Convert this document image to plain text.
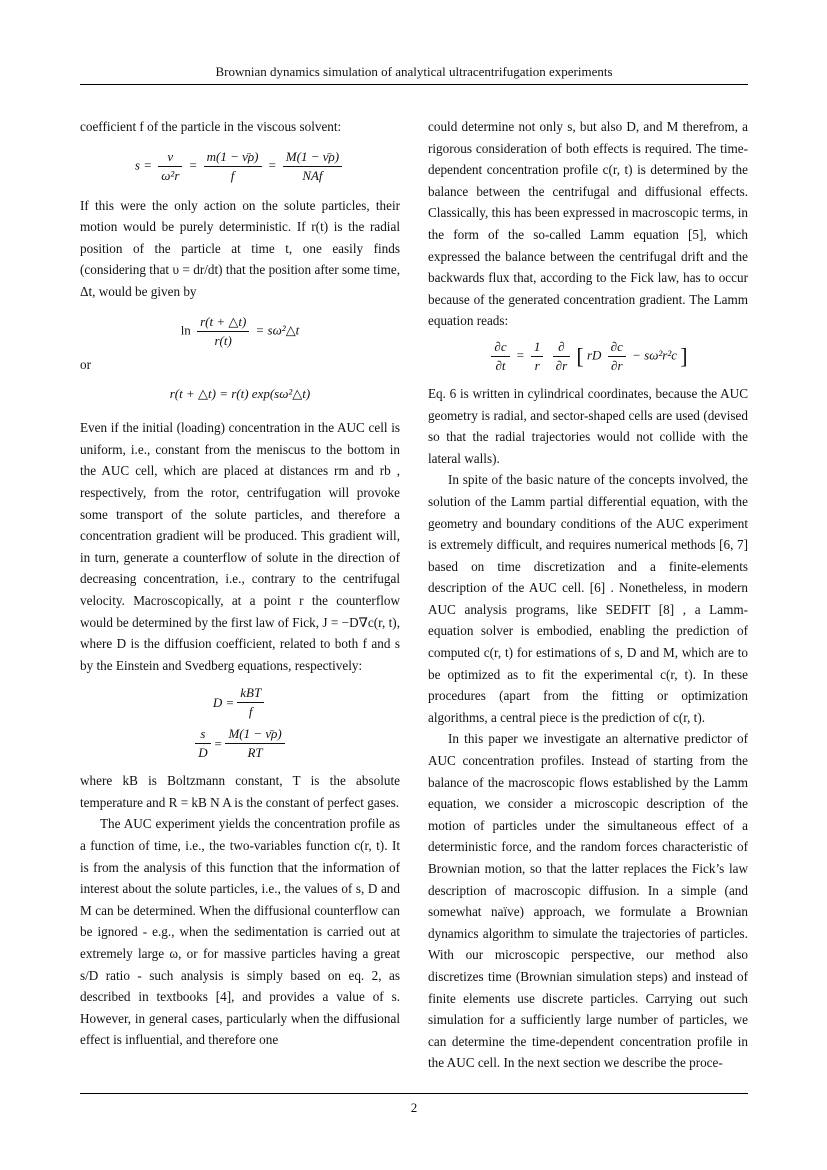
Brownian dynamics simulation of analytical ultracentrifugation experiments

coefficient f of the particle in the viscous solvent:

$s = \frac{\nu}{\text{ω²r}} = \frac{m(1 - \nū\rho)}{f} = \frac{M(1 - \nū\rho)}{\text{NAf}}$

If this were the only action on the solute particles, their motion would be purely deterministic. If r(t) is the radial position of the particle at time t, one easily finds (considering that υ = dr/dt) that the position after some time, Δt, would be given by

$\ln \frac{r(t + \triangle t)}{r(t)}$ = sω²△t

or

r(t + △t) = r(t) exp(sω²△t)

Even if the initial (loading) concentration in the AUC cell is uniform, i.e., constant from the meniscus to the bottom in the AUC cell, which are placed at distances rm and rb , respectively, from the rotor, centrifugation will provoke some transport of the solute particles, and therefore a concentration gradient will be produced. This gradient will, in turn, generate a counterflow of solute in the direction of decreasing concentration, i.e., contrary to the centrifugal velocity. Macroscopically, at a point r the counterflow would be determined by the first law of Fick, J = −D∇c(r, t), where D is the diffusion coefficient, related to both f and s by the Einstein and Svedberg equations, respectively:

$D = \frac{\text{kBT}}{f}$
$\frac{s}{D} = \frac{M(1 - \nū\rho)}{RT}$

where kB is Boltzmann constant, T is the absolute temperature and R = kB N A is the constant of perfect gases.

The AUC experiment yields the concentration profile as a function of time, i.e., the two-variables function c(r, t). It is from the analysis of this function that the information of interest about the solute particles, i.e., the values of s, D and M can be determined. When the diffusional counterflow can be ignored - e.g., when the sedimentation is carried out at extremely large ω, or for massive particles having a great s/D ratio - such analysis is simply based on eq. 2, as described in textbooks [4], and provides a value of s. However, in general cases, particularly when the diffusional effect is influential, and therefore one

could determine not only s, but also D, and M therefrom, a rigorous consideration of both effects is required. The time-dependent concentration profile c(r, t) is determined by the balance between the centrifugal and diffusional effects. Classically, this has been expressed in macroscopic terms, in the form of the so-called Lamm equation [5], which expressed the balance between the centrifugal drift and the backwards flux that, according to the Fick law, has to occur because of the generated concentration gradient. The Lamm equation reads:

$\frac{\partial c}{\partial t} = \frac{1}{r}$
$\frac{\partial}{\partial r}$ [ rD $\frac{\partial c}{\partial r} - s\omega^2r^2c$ ]

Eq. 6 is written in cylindrical coordinates, because the AUC geometry is radial, and sector-shaped cells are used (devised so that the radial trajectories would not collide with the lateral walls).

In spite of the basic nature of the concepts involved, the solution of the Lamm partial differential equation, with the geometry and boundary conditions of the AUC experiment is extremely difficult, and requires numerical methods [6, 7] based on time discretization and a finite-elements description of the AUC cell. [6] . Nonetheless, in modern AUC analysis programs, like SEDFIT [8] , a Lamm-equation solver is embodied, enabling the prediction of computed c(r, t) for estimations of s, D and M, which are to be optimized as to fit the experimental c(r, t). In these procedures (apart from the fitting or optimization algorithms, a central piece is the prediction of c(r, t).

In this paper we investigate an alternative predictor of AUC concentration profiles. Instead of starting from the balance of the macroscopic flows established by the Lamm equation, we consider a microscopic description of the motion of particles under the simultaneous effect of a deterministic force, and the random forces characteristic of Brownian motion, so that the latter replaces the Fick’s law description of macroscopic diffusion. In a simple (and somewhat naïve) approach, we formulate a Brownian dynamics algorithm to simulate the trajectories of particles. With our microscopic perspective, our method also discretizes time (Brownian simulation steps) and instead of finite elements use discrete particles. Carrying out such simulation for a sufficiently large number of particles, we can determine the time-dependent concentration profile in the AUC cell. In the next section we describe the proce-

2
